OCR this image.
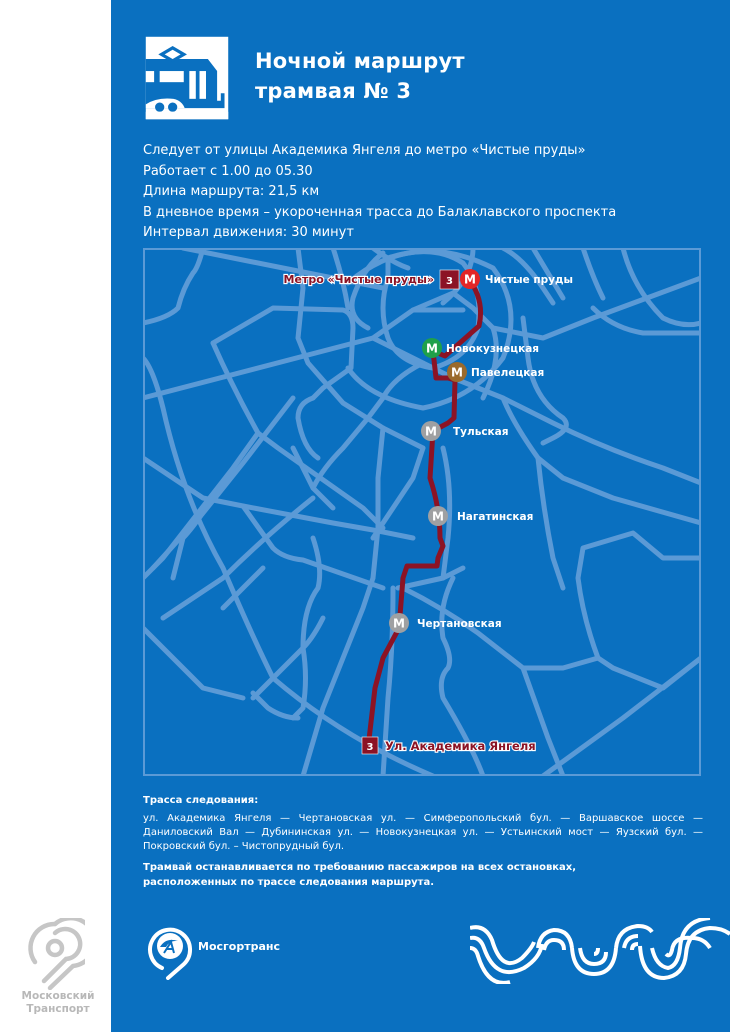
Ночной маршрут
трамвая № 3
Следует от улицы Академика Янгеля до метро «Чистые пруды»
Работает с 1.00 до 05.30
Длина маршрута: 21,5 км
В дневное время – укороченная трасса до Балаклавского проспекта
Интервал движения: 30 минут
3
Метро «Чистые пруды»
3 Ул. Академика Янгеля
М Чистые пруды
М Новокузнецкая
М Павелецкая
М Тульская
М Нагатинская
М Чертановская
Трасса следования:
ул. Академика Янгеля — Чертановская ул. — Симферопольский бул. — Варшавское шоссе — Даниловский Вал — Дубининская ул. — Новокузнецкая ул. — Устьинский мост — Яузский бул. — Покровский бул. – Чистопрудный бул.
Трамвай останавливается по требованию пассажиров на всех остановках,
расположенных по трассе следования маршрута.
Московский
Транспорт
Мосгортранс
